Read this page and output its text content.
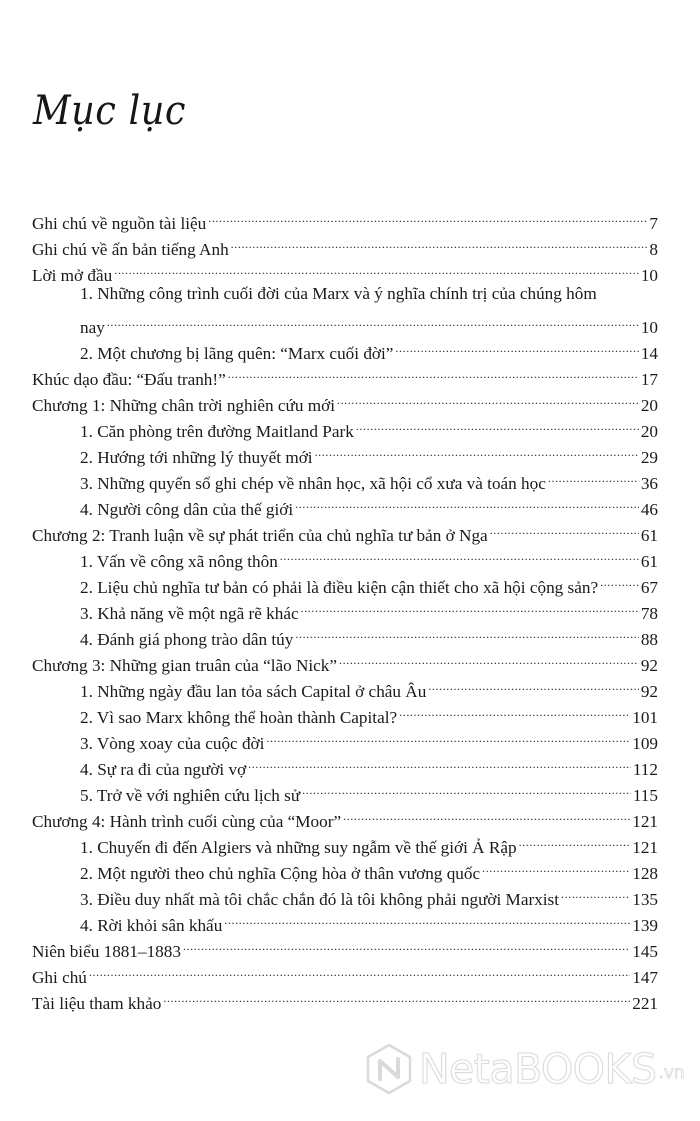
Mục lục
Ghi chú về nguồn tài liệu .....	7
Ghi chú về ấn bản tiếng Anh .....	8
Lời mở đầu .....	10
1. Những công trình cuối đời của Marx và ý nghĩa chính trị của chúng hôm
nay .....	10
2. Một chương bị lãng quên: “Marx cuối đời” .....	14
Khúc dạo đầu: “Đấu tranh!” .....	17
Chương 1: Những chân trời nghiên cứu mới .....	20
1. Căn phòng trên đường Maitland Park .....	20
2. Hướng tới những lý thuyết mới .....	29
3. Những quyển sổ ghi chép về nhân học, xã hội cổ xưa và toán học .....	36
4. Người công dân của thế giới .....	46
Chương 2: Tranh luận về sự phát triển của chủ nghĩa tư bản ở Nga .....	61
1. Vấn về công xã nông thôn .....	61
2. Liệu chủ nghĩa tư bản có phải là điều kiện cận thiết cho xã hội cộng sản? ..... 67
3. Khả năng về một ngã rẽ khác .....	78
4. Đánh giá phong trào dân túy .....	88
Chương 3: Những gian truân của “lão Nick” .....	92
1. Những ngày đầu lan tỏa sách Capital ở châu Âu .....	92
2. Vì sao Marx không thể hoàn thành Capital? .....	101
3. Vòng xoay của cuộc đời .....	109
4. Sự ra đi của người vợ .....	112
5. Trở về với nghiên cứu lịch sử .....	115
Chương 4: Hành trình cuối cùng của “Moor” .....	121
1. Chuyến đi đến Algiers và những suy ngẫm về thế giới Ả Rập .....	121
2. Một người theo chủ nghĩa Cộng hòa ở thân vương quốc .....	128
3. Điều duy nhất mà tôi chắc chắn đó là tôi không phải người Marxist .....	135
4. Rời khỏi sân khấu .....	139
Niên biểu 1881–1883 .....	145
Ghi chú .....	147
Tài liệu tham khảo .....	221
NetaBOOKS .vn
